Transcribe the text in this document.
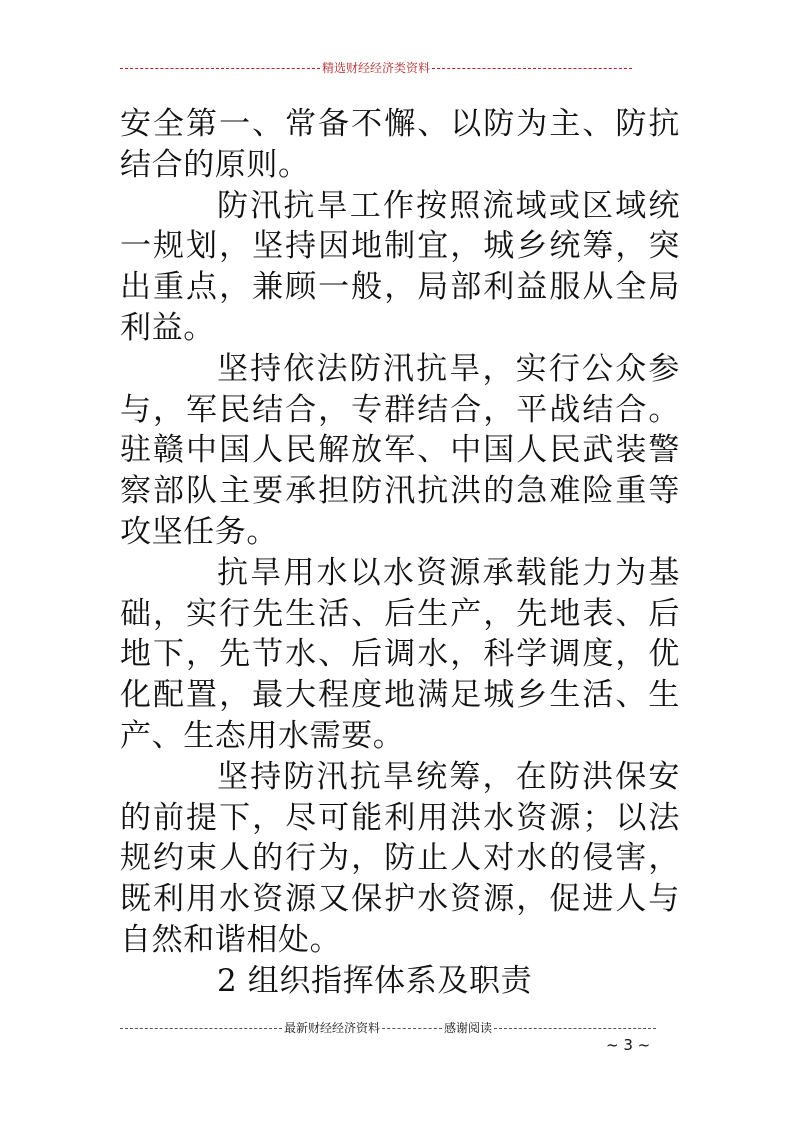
精选财经经济类资料

安全第一、常备不懈、以防为主、防抗结合的原则。

防汛抗旱工作按照流域或区域统一规划，坚持因地制宜，城乡统筹，突出重点，兼顾一般，局部利益服从全局利益。

坚持依法防汛抗旱，实行公众参与，军民结合，专群结合，平战结合。驻赣中国人民解放军、中国人民武装警察部队主要承担防汛抗洪的急难险重等攻坚任务。

抗旱用水以水资源承载能力为基础，实行先生活、后生产，先地表、后地下，先节水、后调水，科学调度，优化配置，最大程度地满足城乡生活、生产、生态用水需要。

坚持防汛抗旱统筹，在防洪保安的前提下，尽可能利用洪水资源；以法规约束人的行为，防止人对水的侵害，既利用水资源又保护水资源，促进人与自然和谐相处。

2 组织指挥体系及职责

最新财经经济资料	感谢阅读
~ 3 ~
